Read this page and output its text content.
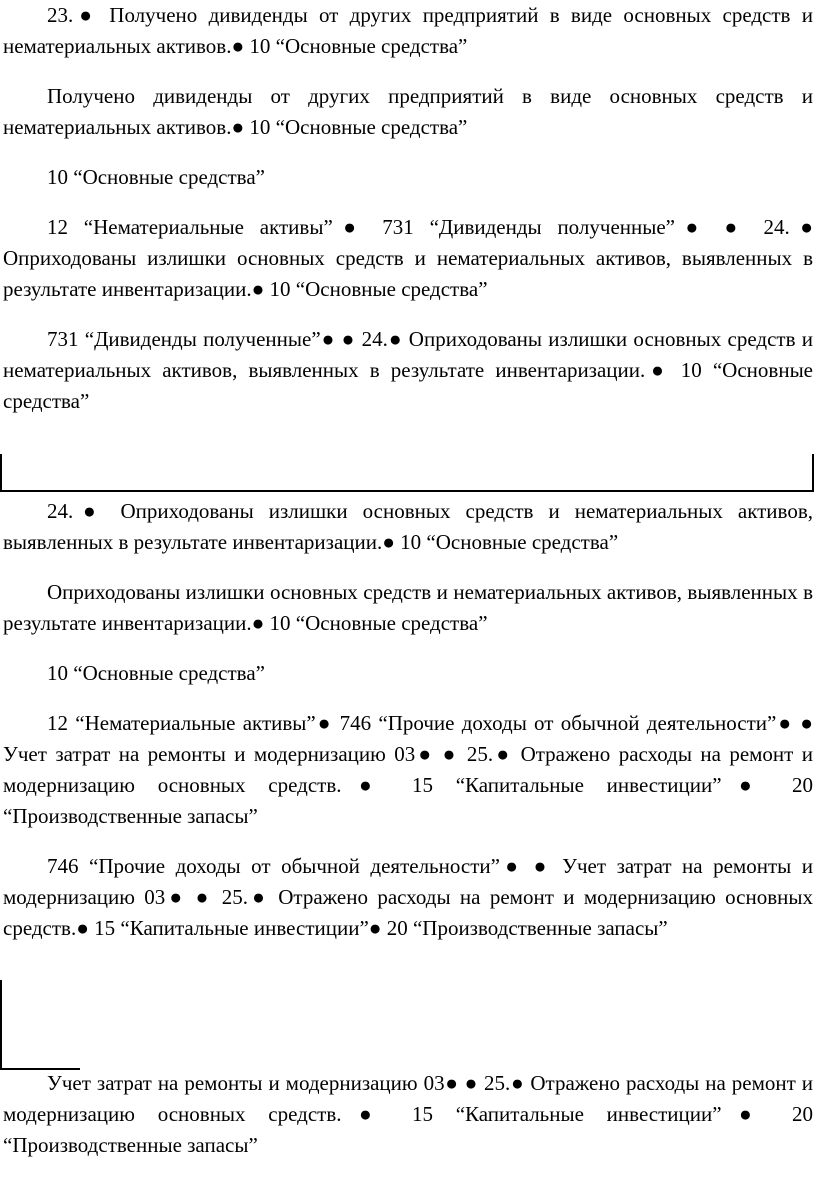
23.● Получено дивиденды от других предприятий в виде основных средств и нематериальных активов.● 10 “Основные средства”

Получено дивиденды от других предприятий в виде основных средств и нематериальных активов.● 10 “Основные средства”

10 “Основные средства”

12 “Нематериальные активы”● 731 “Дивиденды полученные”● ● 24.● Оприходованы излишки основных средств и нематериальных активов, выявленных в результате инвентаризации.● 10 “Основные средства”

731 “Дивиденды полученные”● ● 24.● Оприходованы излишки основных средств и нематериальных активов, выявленных в результате инвентаризации.● 10 “Основные средства”

24.● Оприходованы излишки основных средств и нематериальных активов, выявленных в результате инвентаризации.● 10 “Основные средства”

Оприходованы излишки основных средств и нематериальных активов, выявленных в результате инвентаризации.● 10 “Основные средства”

10 “Основные средства”

12 “Нематериальные активы”● 746 “Прочие доходы от обычной деятельности”● ● Учет затрат на ремонты и модернизацию 03● ● 25.● Отражено расходы на ремонт и модернизацию основных средств.● 15 “Капитальные инвестиции”● 20 “Производственные запасы”

746 “Прочие доходы от обычной деятельности”● ● Учет затрат на ремонты и модернизацию 03● ● 25.● Отражено расходы на ремонт и модернизацию основных средств.● 15 “Капитальные инвестиции”● 20 “Производственные запасы”

Учет затрат на ремонты и модернизацию 03● ● 25.● Отражено расходы на ремонт и модернизацию основных средств.● 15 “Капитальные инвестиции”● 20 “Производственные запасы”
